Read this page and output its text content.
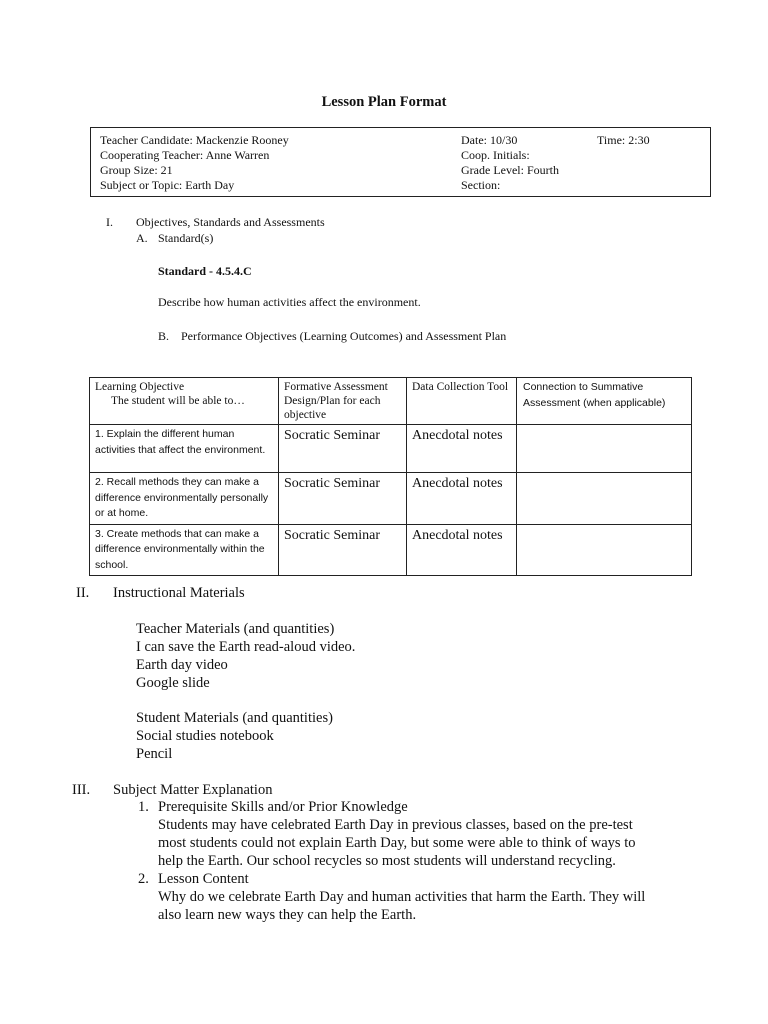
Lesson Plan Format
Teacher Candidate: Mackenzie Rooney
Cooperating Teacher: Anne Warren
Group Size: 21
Subject or Topic: Earth Day
Date: 10/30	Time: 2:30
Coop. Initials:
Grade Level: Fourth
Section:
I. Objectives, Standards and Assessments
A. Standard(s)
Standard - 4.5.4.C
Describe how human activities affect the environment.
B. Performance Objectives (Learning Outcomes) and Assessment Plan
Learning Objective
The student will be able to…	Formative Assessment Design/Plan for each objective	Data Collection Tool	Connection to Summative Assessment (when applicable)
1. Explain the different human activities that affect the environment.	Socratic Seminar	Anecdotal notes	
2. Recall methods they can make a difference environmentally personally or at home.	Socratic Seminar	Anecdotal notes	
3. Create methods that can make a difference environmentally within the school.	Socratic Seminar	Anecdotal notes	
II. Instructional Materials
Teacher Materials (and quantities)
I can save the Earth read-aloud video.
Earth day video
Google slide
Student Materials (and quantities)
Social studies notebook
Pencil
III. Subject Matter Explanation
1. Prerequisite Skills and/or Prior Knowledge
Students may have celebrated Earth Day in previous classes, based on the pre-test
most students could not explain Earth Day, but some were able to think of ways to
help the Earth. Our school recycles so most students will understand recycling.
2. Lesson Content
Why do we celebrate Earth Day and human activities that harm the Earth. They will
also learn new ways they can help the Earth.
